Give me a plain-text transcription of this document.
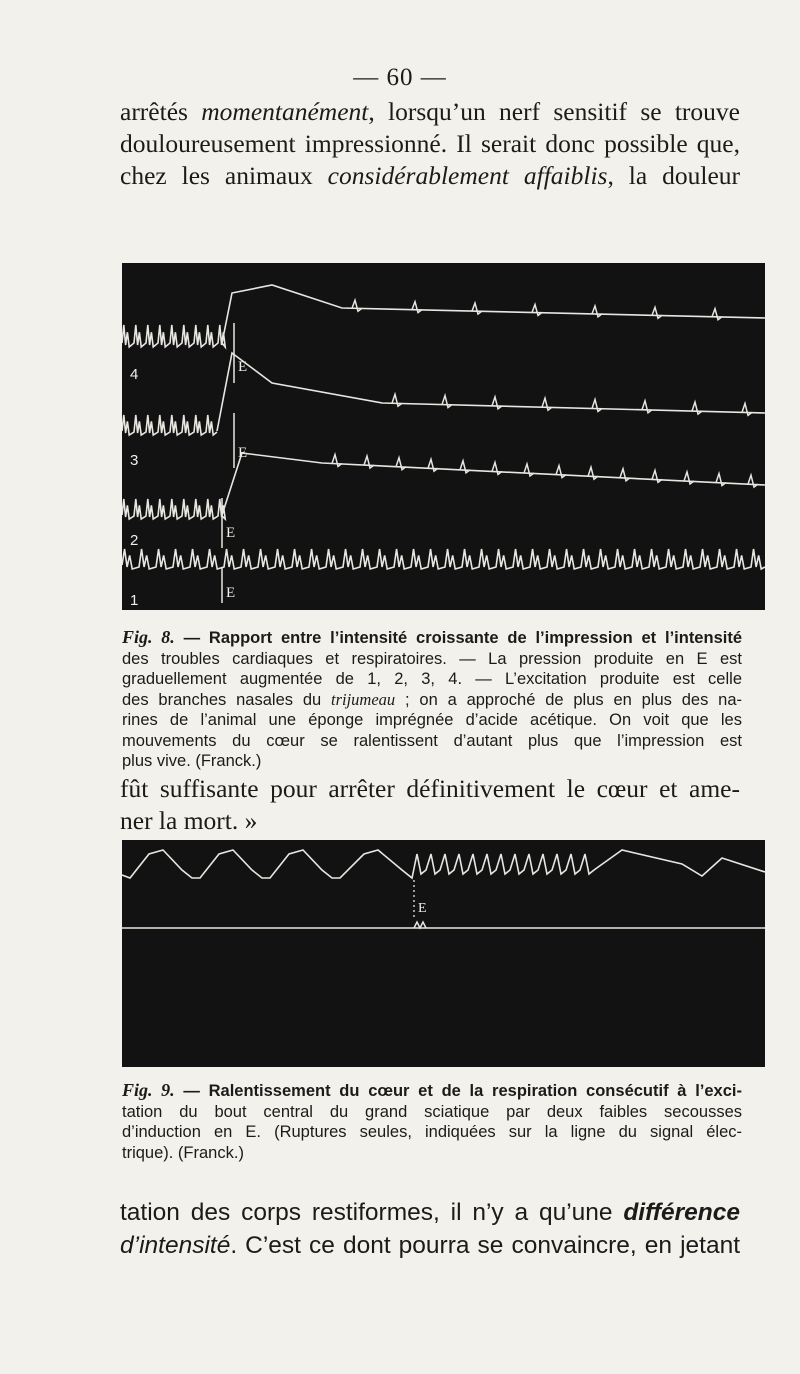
— 60 —
arrêtés momentanément, lorsqu’un nerf sensitif se trouve
douloureusement impressionné. Il serait donc possible que,
chez les animaux considérablement affaiblis, la douleur
4	E
3	E
2	E
1	E
Fig. 8. — Rapport entre l’intensité croissante de l’impression et l’intensité
des troubles cardiaques et respiratoires. — La pression produite en E est
graduellement augmentée de 1, 2, 3, 4. — L’excitation produite est celle
des branches nasales du trijumeau ; on a approché de plus en plus des na-
rines de l’animal une éponge imprégnée d’acide acétique. On voit que les
mouvements du cœur se ralentissent d’autant plus que l’impression est
plus vive. (Franck.)
fût suffisante pour arrêter définitivement le cœur et ame-
ner la mort. »
E
Fig. 9. — Ralentissement du cœur et de la respiration consécutif à l’exci-
tation du bout central du grand sciatique par deux faibles secousses
d’induction en E. (Ruptures seules, indiquées sur la ligne du signal élec-
trique). (Franck.)
tation des corps restiformes, il n’y a qu’une différence
d’intensité. C’est ce dont pourra se convaincre, en jetant
